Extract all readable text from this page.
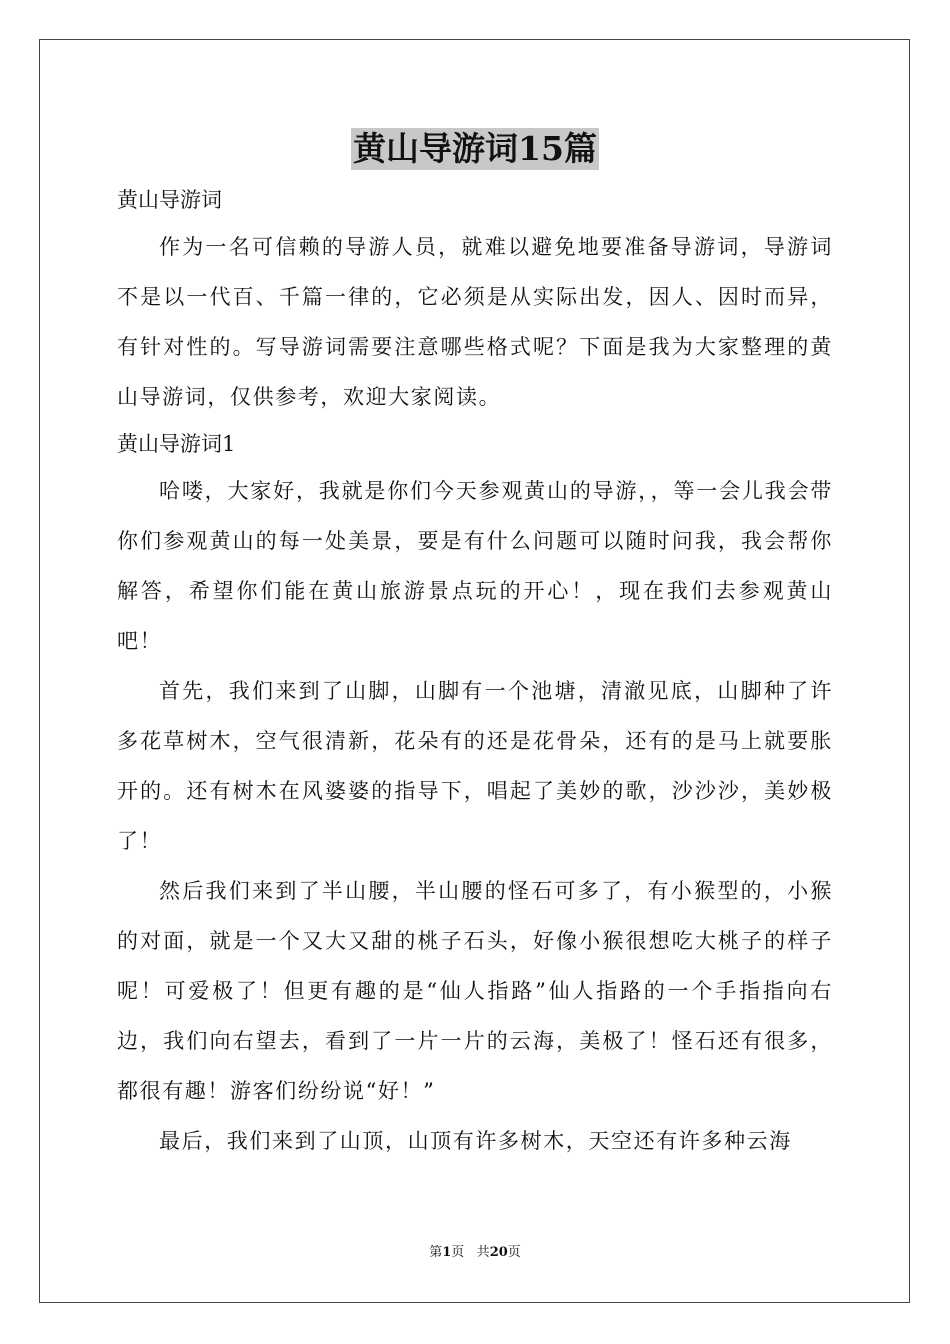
黄山导游词15篇

黄山导游词

作为一名可信赖的导游人员，就难以避免地要准备导游词，导游词不是以一代百、千篇一律的，它必须是从实际出发，因人、因时而异，有针对性的。写导游词需要注意哪些格式呢？下面是我为大家整理的黄山导游词，仅供参考，欢迎大家阅读。

黄山导游词1

哈喽，大家好，我就是你们今天参观黄山的导游，，等一会儿我会带你们参观黄山的每一处美景，要是有什么问题可以随时问我，我会帮你解答，希望你们能在黄山旅游景点玩的开心！，现在我们去参观黄山吧！

首先，我们来到了山脚，山脚有一个池塘，清澈见底，山脚种了许多花草树木，空气很清新，花朵有的还是花骨朵，还有的是马上就要胀开的。还有树木在风婆婆的指导下，唱起了美妙的歌，沙沙沙，美妙极了！

然后我们来到了半山腰，半山腰的怪石可多了，有小猴型的，小猴的对面，就是一个又大又甜的桃子石头，好像小猴很想吃大桃子的样子呢！可爱极了！但更有趣的是“仙人指路”仙人指路的一个手指指向右边，我们向右望去，看到了一片一片的云海，美极了！怪石还有很多，都很有趣！游客们纷纷说“好！”

最后，我们来到了山顶，山顶有许多树木，天空还有许多种云海

第1页 共20页
